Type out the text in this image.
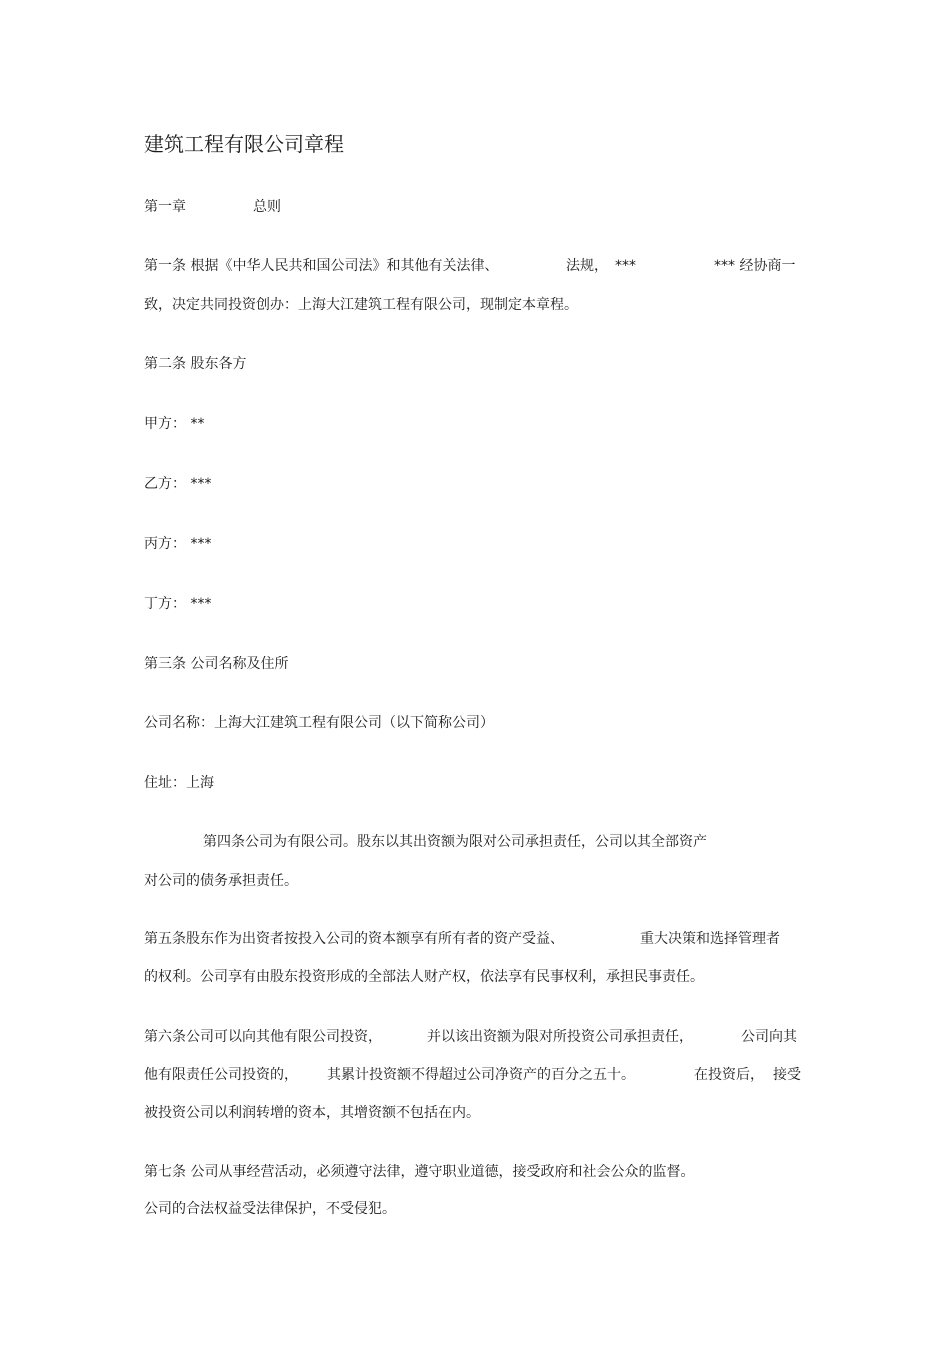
建筑工程有限公司章程
第一章	总则
第一条 根据《中华人民共和国公司法》和其他有关法律、	法规， ***	*** 经协商一
致，决定共同投资创办：上海大江建筑工程有限公司，现制定本章程。
第二条 股东各方
甲方： **
乙方： ***
丙方： ***
丁方： ***
第三条 公司名称及住所
公司名称：上海大江建筑工程有限公司（以下简称公司）
住址：上海
第四条公司为有限公司。股东以其出资额为限对公司承担责任，公司以其全部资产
对公司的债务承担责任。
第五条股东作为出资者按投入公司的资本额享有所有者的资产受益、	重大决策和选择管理者
的权利。公司享有由股东投资形成的全部法人财产权，依法享有民事权利，承担民事责任。
第六条公司可以向其他有限公司投资，	并以该出资额为限对所投资公司承担责任，	公司向其
他有限责任公司投资的， 其累计投资额不得超过公司净资产的百分之五十。	在投资后， 接受
被投资公司以利润转增的资本，其增资额不包括在内。
第七条 公司从事经营活动，必须遵守法律，遵守职业道德，接受政府和社会公众的监督。
公司的合法权益受法律保护，不受侵犯。
